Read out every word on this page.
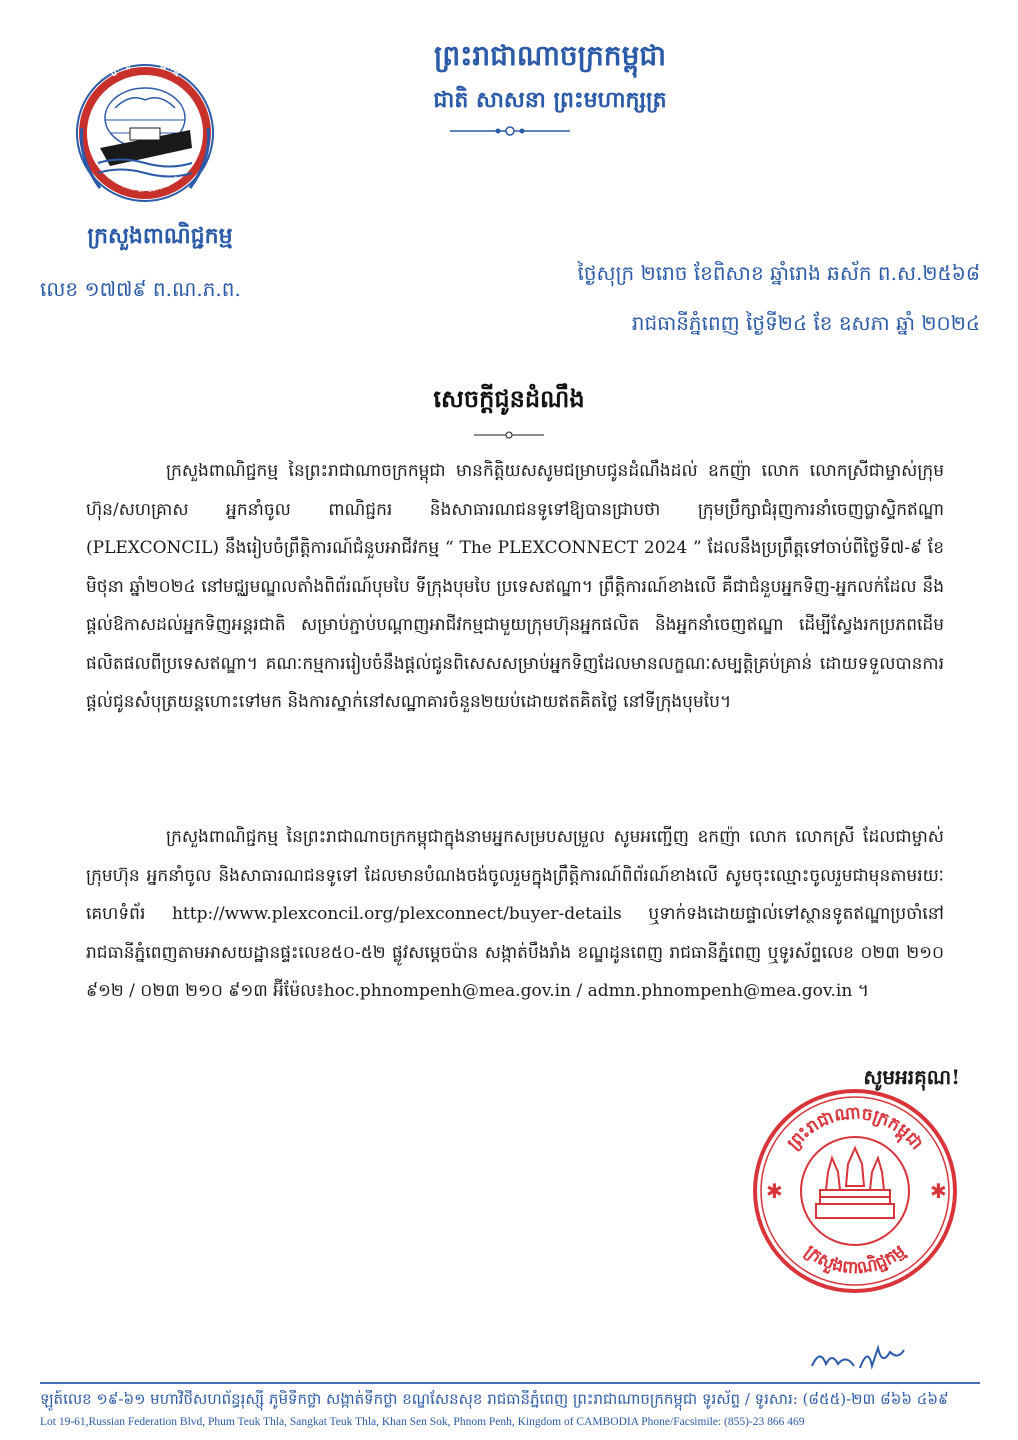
ក្រសួងពាណិជ្ជកម្ម
MINISTRY OF COMMERCE
ក្រសួងពាណិជ្ជកម្ម
លេខ ១៧៧៩ ព.ណ.ភ.ព.
ព្រះរាជាណាចក្រកម្ពុជា
ជាតិ សាសនា ព្រះមហាក្សត្រ
ថ្ងៃសុក្រ ២រោច ខែពិសាខ ឆ្នាំរោង ឆស័ក ព.ស.២៥៦៨
រាជធានីភ្នំពេញ ថ្ងៃទី២៤ ខែ ឧសភា ឆ្នាំ ២០២៤
សេចក្ដីជូនដំណឹង

ក្រសួងពាណិជ្ជកម្ម នៃព្រះរាជាណាចក្រកម្ពុជា មានកិត្តិយសសូមជម្រាបជូនដំណឹងដល់ ឧកញ៉ា លោក លោកស្រីជាម្ចាស់ក្រុមហ៊ុន/សហគ្រាស អ្នកនាំចូល ពាណិជ្ជករ និងសាធារណជនទូទៅឱ្យបានជ្រាបថា ក្រុមប្រឹក្សាជំរុញការនាំចេញប្លាស្ទិកឥណ្ឌា (PLEXCONCIL) នឹងរៀបចំព្រឹត្តិការណ៍ជំនួបអាជីវកម្ម “ The PLEXCONNECT 2024 ” ដែលនឹងប្រព្រឹត្តទៅចាប់ពីថ្ងៃទី៧-៩ ខែមិថុនា ឆ្នាំ២០២៤ នៅមជ្ឈមណ្ឌលតាំងពិព័រណ៍បុមបៃ ទីក្រុងបុមបៃ ប្រទេសឥណ្ឌា។ ព្រឹត្តិការណ៍ខាងលើ គឺជាជំនួបអ្នកទិញ-អ្នកលក់ដែល នឹងផ្ដល់ឱកាសដល់អ្នកទិញអន្តរជាតិ សម្រាប់ភ្ជាប់បណ្ដាញអាជីវកម្មជាមួយក្រុមហ៊ុនអ្នកផលិត និងអ្នកនាំចេញឥណ្ឌា ដើម្បីស្វែងរកប្រភពដើមផលិតផលពីប្រទេសឥណ្ឌា។ គណៈកម្មការរៀបចំនឹងផ្ដល់ជូនពិសេសសម្រាប់អ្នកទិញដែលមានលក្ខណៈសម្បត្តិគ្រប់គ្រាន់ ដោយទទួលបានការផ្ដល់ជូនសំបុត្រយន្តហោះទៅមក និងការស្នាក់នៅសណ្ឋាគារចំនួន២យប់ដោយឥតគិតថ្លៃ នៅទីក្រុងបុមបៃ។

ក្រសួងពាណិជ្ជកម្ម នៃព្រះរាជាណាចក្រកម្ពុជាក្នុងនាមអ្នកសម្របសម្រួល សូមអញ្ជើញ ឧកញ៉ា លោក លោកស្រី ដែលជាម្ចាស់ក្រុមហ៊ុន អ្នកនាំចូល និងសាធារណជនទូទៅ ដែលមានបំណងចង់ចូលរួមក្នុងព្រឹត្តិការណ៍ពិព័រណ៍ខាងលើ សូមចុះឈ្មោះចូលរួមជាមុនតាមរយៈគេហទំព័រ http://www.plexconcil.org/plexconnect/buyer-details ឬទាក់ទងដោយផ្ទាល់ទៅស្ថានទូតឥណ្ឌាប្រចាំនៅរាជធានីភ្នំពេញតាមអាសយដ្ឋានផ្ទះលេខ៥០-៥២ ផ្លូវសម្ដេចប៉ាន សង្កាត់បឹងរាំង ខណ្ឌដូនពេញ រាជធានីភ្នំពេញ ឬទូរស័ព្ទលេខ ០២៣ ២១០ ៩១២ / ០២៣ ២១០ ៩១៣ អ៊ីម៉ែល៖hoc.phnompenh@mea.gov.in / admn.phnompenh@mea.gov.in ។

សូមអរគុណ!
ព្រះរាជាណាចក្រកម្ពុជា
ក្រសួងពាណិជ្ជកម្ម
✱	✱
ឡូត៍លេខ ១៩-៦១ មហាវិថីសហព័ន្ធរុស្ស៊ី ភូមិទឹកថ្លា សង្កាត់ទឹកថ្លា ខណ្ឌសែនសុខ រាជធានីភ្នំពេញ ព្រះរាជាណាចក្រកម្ពុជា ទូរស័ព្ទ / ទូរសារ: (៨៥៥)-២៣ ៨៦៦ ៤៦៩
Lot 19-61,Russian Federation Blvd, Phum Teuk Thla, Sangkat Teuk Thla, Khan Sen Sok, Phnom Penh, Kingdom of CAMBODIA Phone/Facsimile: (855)-23 866 469
